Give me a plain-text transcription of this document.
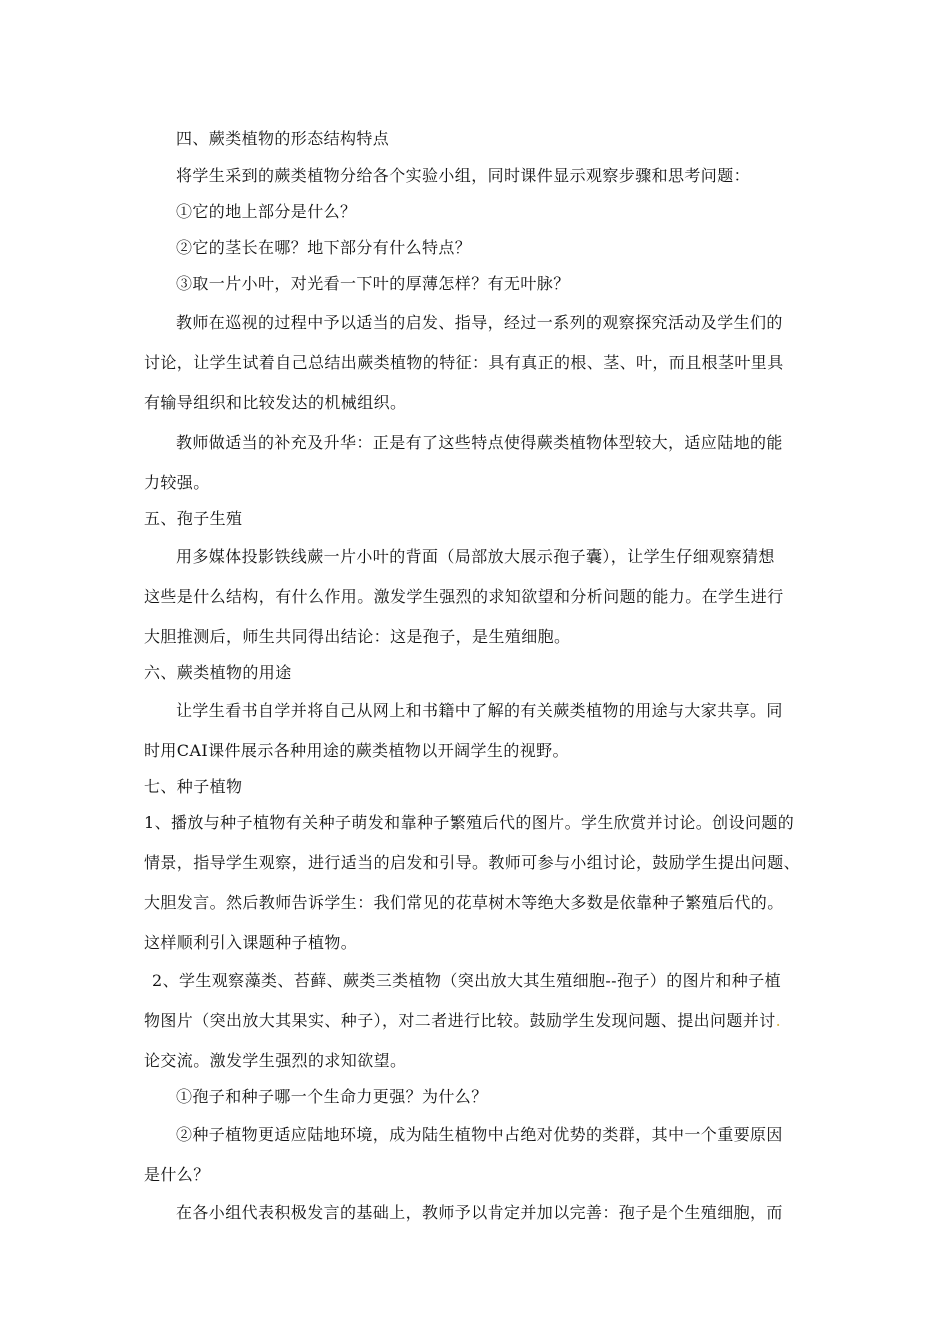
四、蕨类植物的形态结构特点
将学生采到的蕨类植物分给各个实验小组，同时课件显示观察步骤和思考问题：
①它的地上部分是什么？
②它的茎长在哪？地下部分有什么特点？
③取一片小叶，对光看一下叶的厚薄怎样？有无叶脉？
教师在巡视的过程中予以适当的启发、指导，经过一系列的观察探究活动及学生们的
讨论，让学生试着自己总结出蕨类植物的特征：具有真正的根、茎、叶，而且根茎叶里具
有输导组织和比较发达的机械组织。
教师做适当的补充及升华：正是有了这些特点使得蕨类植物体型较大，适应陆地的能
力较强。
五、孢子生殖
用多媒体投影铁线蕨一片小叶的背面（局部放大展示孢子囊），让学生仔细观察猜想
这些是什么结构，有什么作用。激发学生强烈的求知欲望和分析问题的能力。在学生进行
大胆推测后，师生共同得出结论：这是孢子，是生殖细胞。
六、蕨类植物的用途
让学生看书自学并将自己从网上和书籍中了解的有关蕨类植物的用途与大家共享。同
时用CAI课件展示各种用途的蕨类植物以开阔学生的视野。
七、种子植物
1、播放与种子植物有关种子萌发和靠种子繁殖后代的图片。学生欣赏并讨论。创设问题的
情景，指导学生观察，进行适当的启发和引导。教师可参与小组讨论，鼓励学生提出问题、
大胆发言。然后教师告诉学生：我们常见的花草树木等绝大多数是依靠种子繁殖后代的。
这样顺利引入课题种子植物。
2、学生观察藻类、苔藓、蕨类三类植物（突出放大其生殖细胞--孢子）的图片和种子植
物图片（突出放大其果实、种子），对二者进行比较。鼓励学生发现问题、提出问题并讨.
论交流。激发学生强烈的求知欲望。
①孢子和种子哪一个生命力更强？为什么？
②种子植物更适应陆地环境，成为陆生植物中占绝对优势的类群，其中一个重要原因
是什么？
在各小组代表积极发言的基础上，教师予以肯定并加以完善：孢子是个生殖细胞，而
